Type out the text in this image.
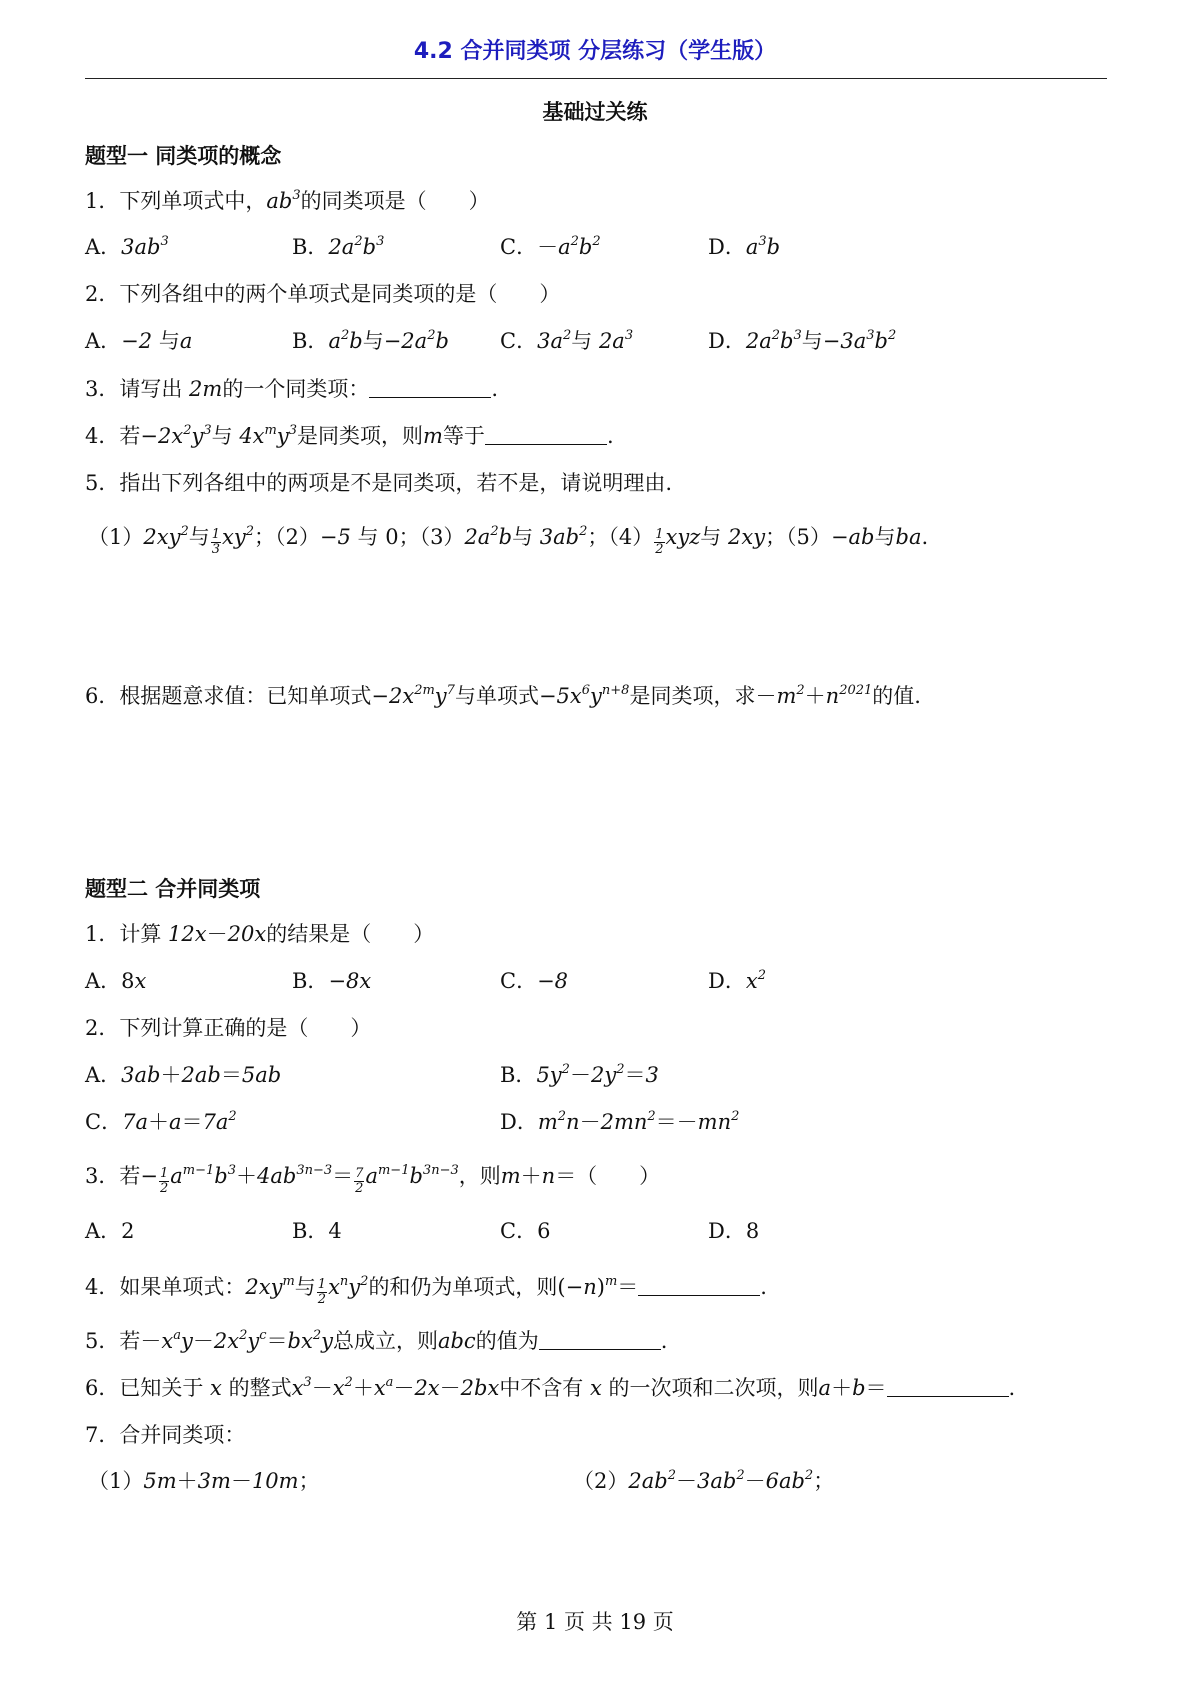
4.2 合并同类项 分层练习（学生版）
基础过关练
题型一 同类项的概念
1．下列单项式中，$ab^3$的同类项是（　　）
A．$3ab^3$	B．$2a^2b^3$	C．$-a^2b^2$	D．$a^3b$
2．下列各组中的两个单项式是同类项的是（　　）
A．−2 与a	B．$a^2b$与$-2a^2b$ C．$3a^2$与 $2a^3$	D．$2a^2b^3$与$-3a^3b^2$
3．请写出 2m的一个同类项：	.
4．若$-2x^2y^3$与 $4x^my^3$是同类项，则m等于	.
5．指出下列各组中的两项是不是同类项，若不是，请说明理由.
$(1)2xy^2$与 $\frac{1}{3} xy^2$；（2）−5 与 0；$(3)2a^2b$与 $3ab^2$；$(4) \frac{1}{2}$ xyz与 2xy；（5）−ab与ba.
6．根据题意求值：已知单项式$-2x^{2m}y^7$与单项式$-5x^6y^{n+8}$是同类项，求$-m^2+n^{2021}$的值.
题型二 合并同类项
1．计算 12x－20x的结果是（　　）
A．8x	B．−8x	C．−8	D．$x^2$
2．下列计算正确的是（　　）
A．3ab＋2ab＝5ab	B．$5y^2-2y^2=3$
C．$7a+a=7a^2$	D．$m^2n-2mn^2=-mn^2$
3．若− $\frac{1}{2} a^{m-1}b^3+4ab^{3n-3}= \frac{7}{2} a^{m-1}b^{3n-3}$，则m＋n＝（　　）
A．2	B．4	C．6	D．8
4．如果单项式：$2xy^m$与 $\frac{1}{2} x^ny^2$的和仍为单项式，则$(-n)^m=$	.
5．若$-x^ay-2x^2y^c=bx^2y$总成立，则abc的值为	.
6．已知关于 x 的整式$x^3-x^2+x^a-2x-2bx$中不含有 x 的一次项和二次项，则a＋b＝	.
7．合并同类项：
（1）5m＋3m－10m；	$(2)2ab^2-3ab^2-6ab^2$；
第 1 页 共 19 页
